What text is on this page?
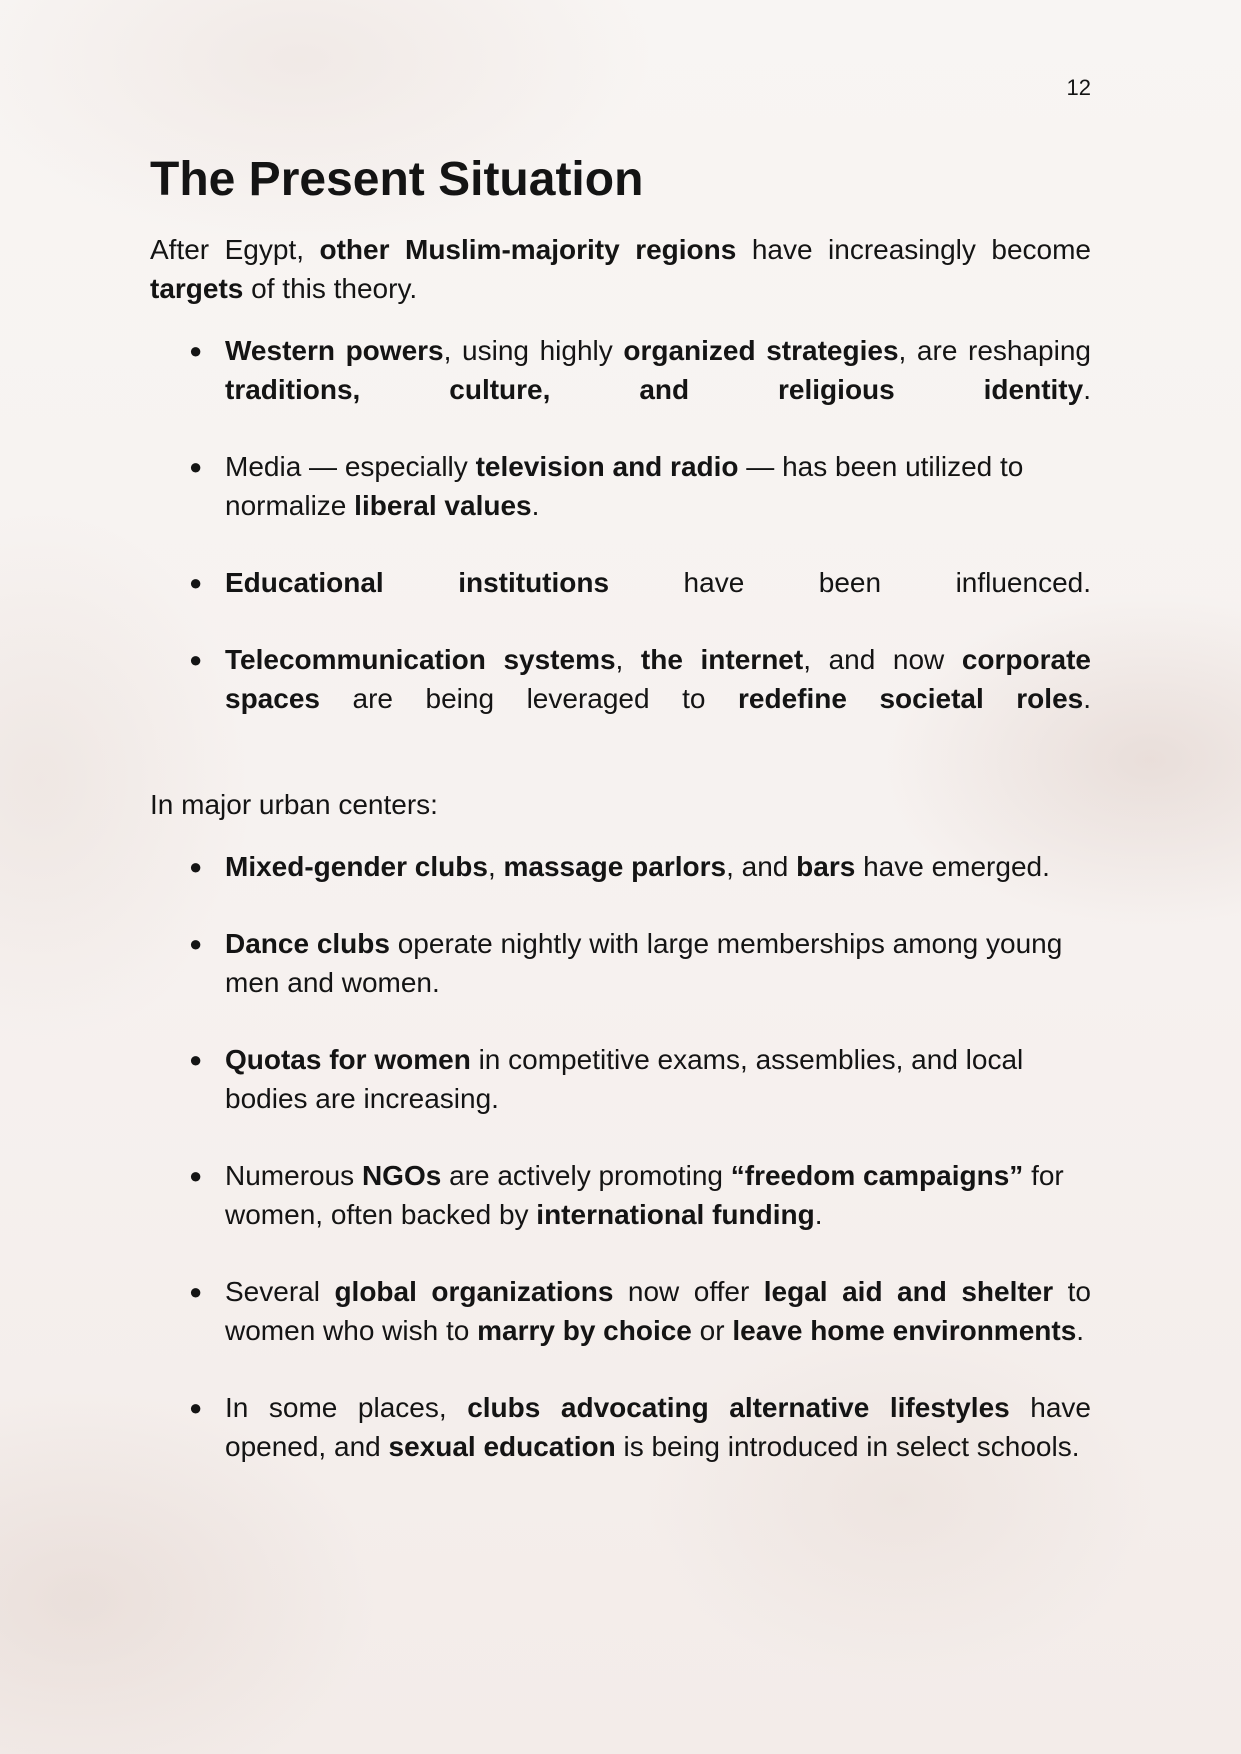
12
The Present Situation

After Egypt, other Muslim-majority regions have increasingly become targets of this theory.

● Western powers, using highly organized strategies, are reshaping traditions, culture, and religious identity.
● Media — especially television and radio — has been utilized to normalize liberal values.
● Educational institutions have been influenced.
● Telecommunication systems, the internet, and now corporate spaces are being leveraged to redefine societal roles.

In major urban centers:

● Mixed-gender clubs, massage parlors, and bars have emerged.
● Dance clubs operate nightly with large memberships among young men and women.
● Quotas for women in competitive exams, assemblies, and local bodies are increasing.
● Numerous NGOs are actively promoting “freedom campaigns” for women, often backed by international funding.
● Several global organizations now offer legal aid and shelter to women who wish to marry by choice or leave home environments.
● In some places, clubs advocating alternative lifestyles have opened, and sexual education is being introduced in select schools.
